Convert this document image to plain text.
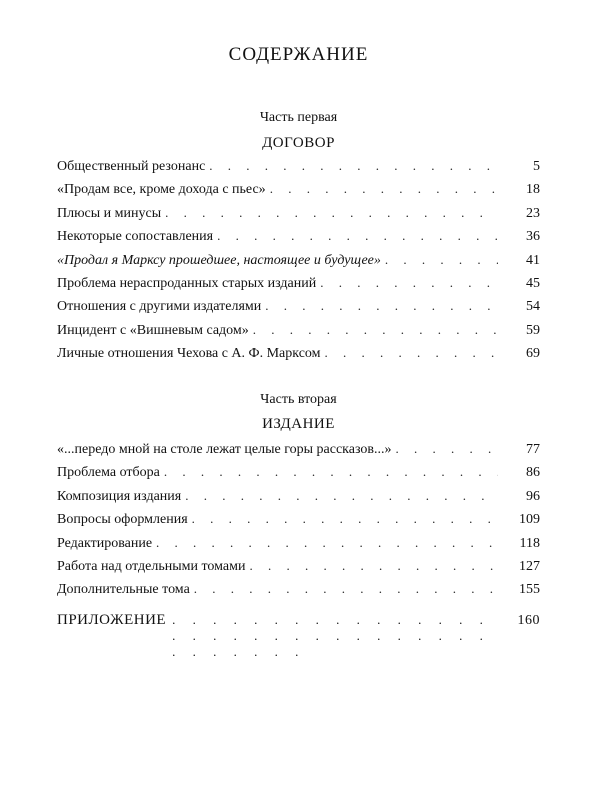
СОДЕРЖАНИЕ
Часть первая
ДОГОВОР
Общественный резонанс . . .	5
«Продам все, кроме дохода с пьес» . . .	18
Плюсы и минусы . . .	23
Некоторые сопоставления . . .	36
«Продал я Марксу прошедшее, настоящее и будущее» . . .	41
Проблема нераспроданных старых изданий . . .	45
Отношения с другими издателями . . .	54
Инцидент с «Вишневым садом» . . .	59
Личные отношения Чехова с А. Ф. Марксом . . .	69
Часть вторая
ИЗДАНИЕ
«...передо мной на столе лежат целые горы рассказов...» . . .	77
Проблема отбора . . .	86
Композиция издания . . .	96
Вопросы оформления . . .	109
Редактирование . . .	118
Работа над отдельными томами . . .	127
Дополнительные тома . . .	155
ПРИЛОЖЕНИЕ . . .	160
